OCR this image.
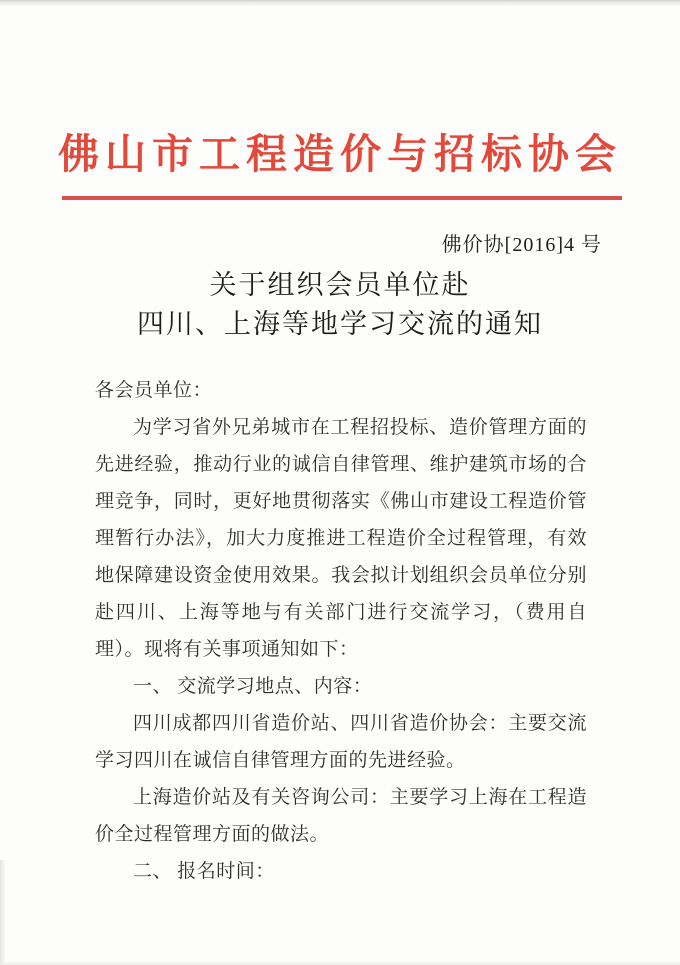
佛山市工程造价与招标协会
佛价协[2016]4 号
关于组织会员单位赴
四川、上海等地学习交流的通知

各会员单位：

为学习省外兄弟城市在工程招投标、造价管理方面的先进经验，推动行业的诚信自律管理、维护建筑市场的合理竞争，同时，更好地贯彻落实《佛山市建设工程造价管理暂行办法》，加大力度推进工程造价全过程管理，有效地保障建设资金使用效果。我会拟计划组织会员单位分别赴四川、上海等地与有关部门进行交流学习，（费用自理）。现将有关事项通知如下：

一、 交流学习地点、内容：

四川成都四川省造价站、四川省造价协会：主要交流学习四川在诚信自律管理方面的先进经验。

上海造价站及有关咨询公司：主要学习上海在工程造价全过程管理方面的做法。

二、 报名时间：
